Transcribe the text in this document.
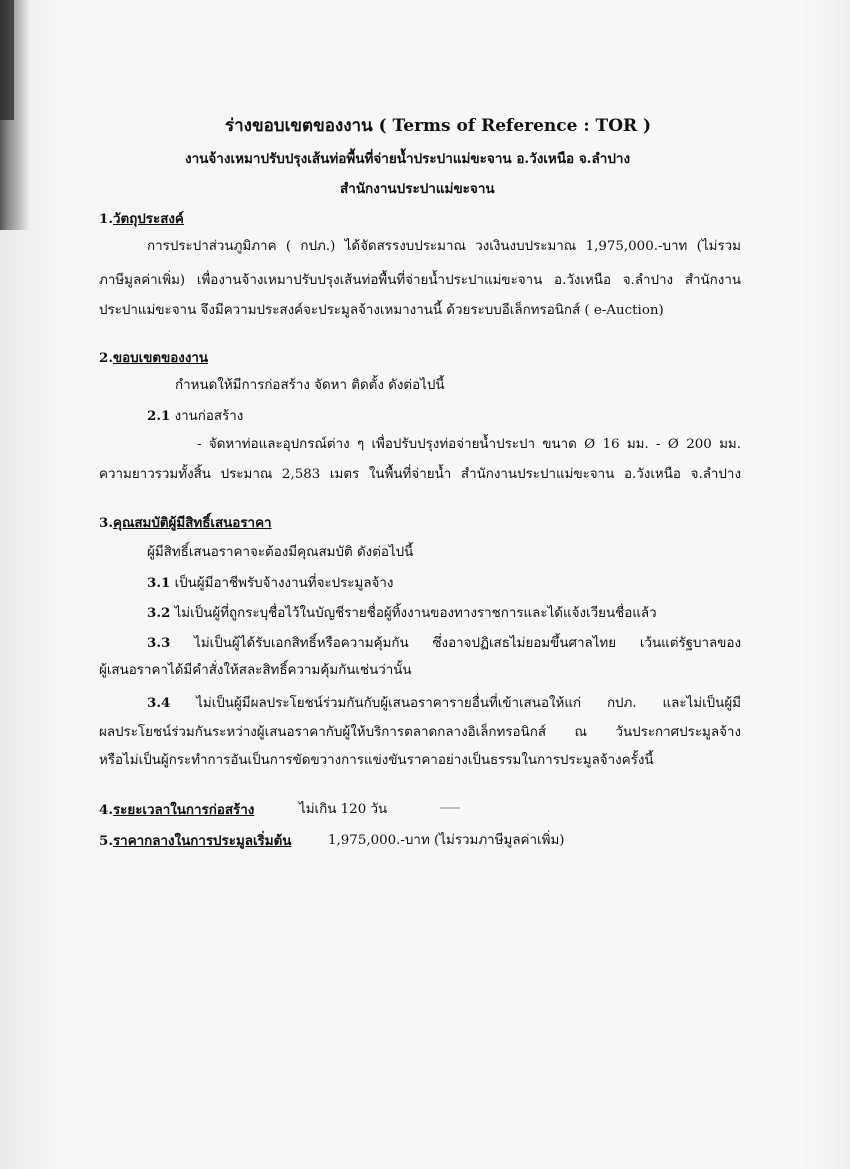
ร่างขอบเขตของงาน ( Terms of Reference : TOR )
งานจ้างเหมาปรับปรุงเส้นท่อพื้นที่จ่ายน้ำประปาแม่ขะจาน อ.วังเหนือ จ.ลำปาง
สำนักงานประปาแม่ขะจาน
1.วัตถุประสงค์
การประปาส่วนภูมิภาค ( กปภ.) ได้จัดสรรงบประมาณ วงเงินงบประมาณ 1,975,000.-บาท (ไม่รวม
ภาษีมูลค่าเพิ่ม) เพื่องานจ้างเหมาปรับปรุงเส้นท่อพื้นที่จ่ายน้ำประปาแม่ขะจาน อ.วังเหนือ จ.ลำปาง สำนักงาน
ประปาแม่ขะจาน จึงมีความประสงค์จะประมูลจ้างเหมางานนี้ ด้วยระบบอีเล็กทรอนิกส์ ( e-Auction)
2.ขอบเขตของงาน
กำหนดให้มีการก่อสร้าง จัดหา ติดตั้ง ดังต่อไปนี้
2.1 งานก่อสร้าง
- จัดหาท่อและอุปกรณ์ต่าง ๆ เพื่อปรับปรุงท่อจ่ายน้ำประปา ขนาด Ø 16 มม. - Ø 200 มม.
ความยาวรวมทั้งสิ้น ประมาณ 2,583 เมตร ในพื้นที่จ่ายน้ำ สำนักงานประปาแม่ขะจาน อ.วังเหนือ จ.ลำปาง
3.คุณสมบัติผู้มีสิทธิ์เสนอราคา
ผู้มีสิทธิ์เสนอราคาจะต้องมีคุณสมบัติ ดังต่อไปนี้
3.1 เป็นผู้มีอาชีพรับจ้างงานที่จะประมูลจ้าง
3.2 ไม่เป็นผู้ที่ถูกระบุชื่อไว้ในบัญชีรายชื่อผู้ทิ้งงานของทางราชการและได้แจ้งเวียนชื่อแล้ว
3.3 ไม่เป็นผู้ได้รับเอกสิทธิ์หรือความคุ้มกัน ซึ่งอาจปฏิเสธไม่ยอมขึ้นศาลไทย เว้นแต่รัฐบาลของ
ผู้เสนอราคาได้มีคำสั่งให้สละสิทธิ์ความคุ้มกันเช่นว่านั้น
3.4 ไม่เป็นผู้มีผลประโยชน์ร่วมกันกับผู้เสนอราคารายอื่นที่เข้าเสนอให้แก่ กปภ. และไม่เป็นผู้มี
ผลประโยชน์ร่วมกันระหว่างผู้เสนอราคากับผู้ให้บริการตลาดกลางอิเล็กทรอนิกส์ ณ วันประกาศประมูลจ้าง
หรือไม่เป็นผู้กระทำการอันเป็นการขัดขวางการแข่งขันราคาอย่างเป็นธรรมในการประมูลจ้างครั้งนี้
4.ระยะเวลาในการก่อสร้าง	ไม่เกิน 120 วัน
5.ราคากลางในการประมูลเริ่มต้น	1,975,000.-บาท (ไม่รวมภาษีมูลค่าเพิ่ม)
